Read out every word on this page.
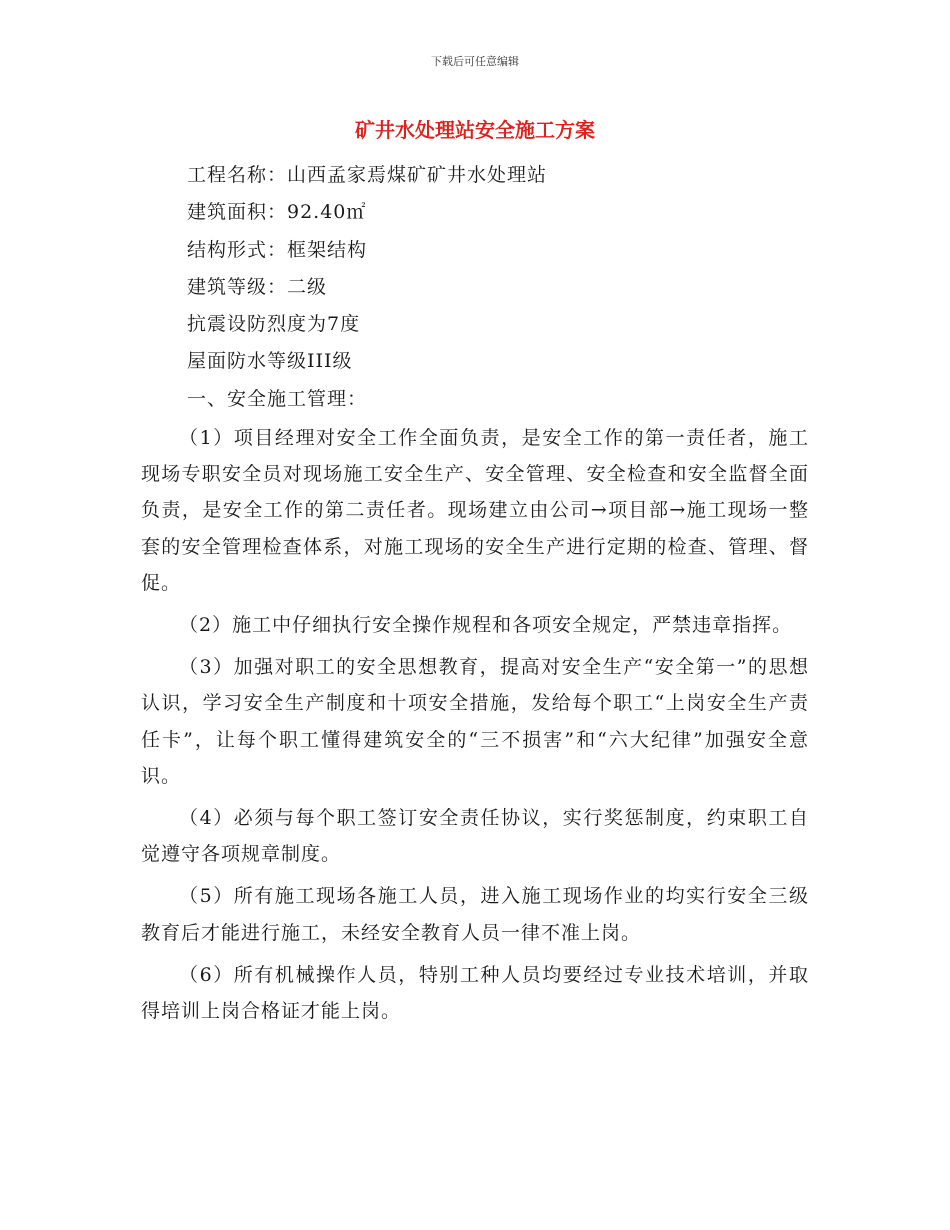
下载后可任意编辑
矿井水处理站安全施工方案
工程名称：山西孟家焉煤矿矿井水处理站
建筑面积：92.40㎡
结构形式：框架结构
建筑等级：二级
抗震设防烈度为7度
屋面防水等级III级
一、安全施工管理：

（1）项目经理对安全工作全面负责，是安全工作的第一责任者，施工现场专职安全员对现场施工安全生产、安全管理、安全检查和安全监督全面负责，是安全工作的第二责任者。现场建立由公司→项目部→施工现场一整套的安全管理检查体系，对施工现场的安全生产进行定期的检查、管理、督促。

（2）施工中仔细执行安全操作规程和各项安全规定，严禁违章指挥。

（3）加强对职工的安全思想教育，提高对安全生产“安全第一”的思想认识，学习安全生产制度和十项安全措施，发给每个职工“上岗安全生产责任卡”，让每个职工懂得建筑安全的“三不损害”和“六大纪律”加强安全意识。

（4）必须与每个职工签订安全责任协议，实行奖惩制度，约束职工自觉遵守各项规章制度。

（5）所有施工现场各施工人员，进入施工现场作业的均实行安全三级教育后才能进行施工，未经安全教育人员一律不准上岗。

（6）所有机械操作人员，特别工种人员均要经过专业技术培训，并取得培训上岗合格证才能上岗。
